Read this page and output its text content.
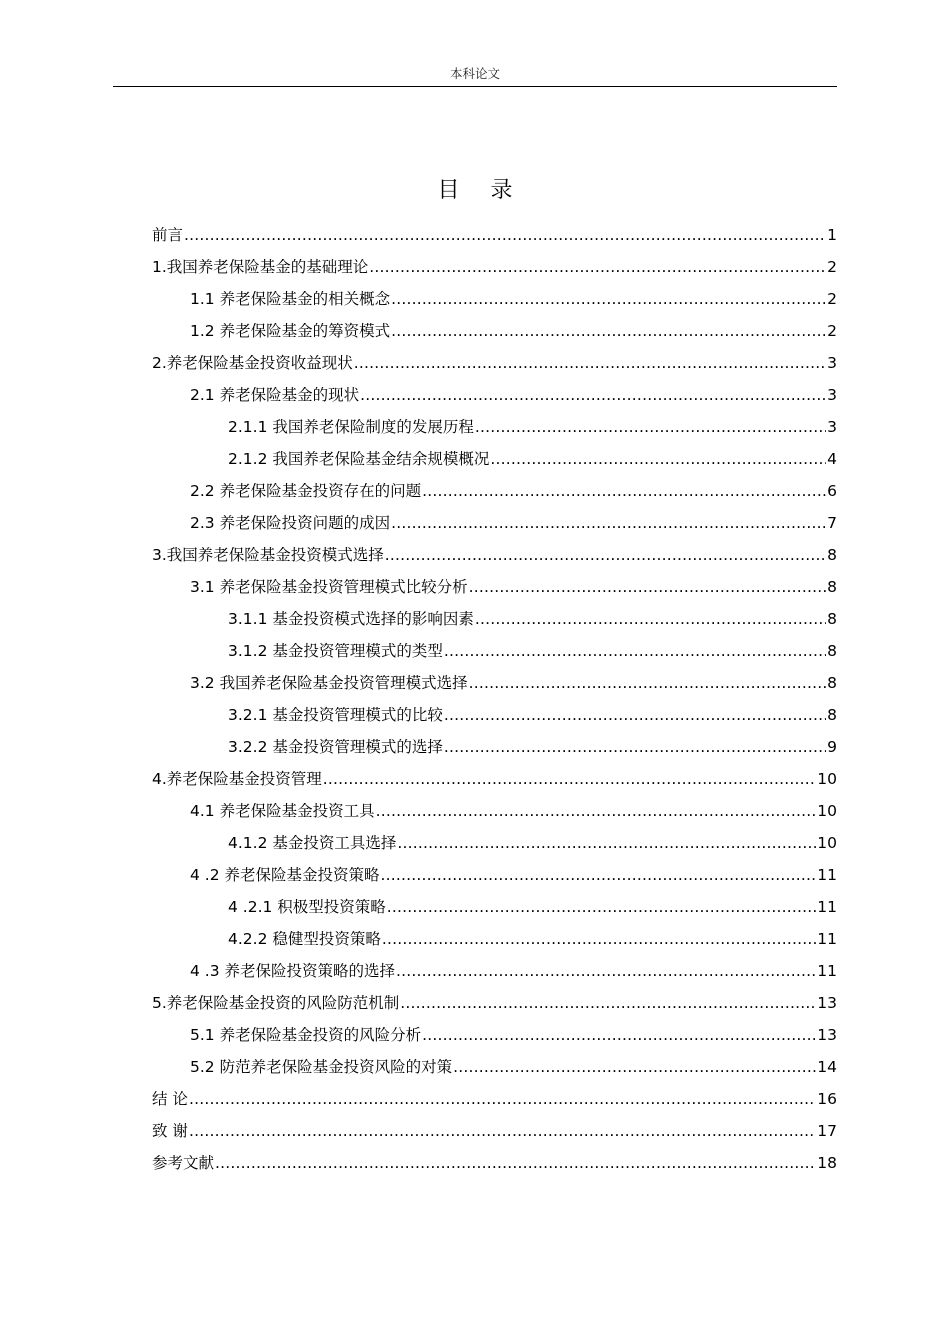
本科论文
目 录
前言 .....	1
1.我国养老保险基金的基础理论 .....	2
1.1 养老保险基金的相关概念 .....	2
1.2 养老保险基金的筹资模式 .....	2
2.养老保险基金投资收益现状 .....	3
2.1 养老保险基金的现状 .....	3
2.1.1 我国养老保险制度的发展历程 .....	3
2.1.2 我国养老保险基金结余规模概况 .....	4
2.2 养老保险基金投资存在的问题 .....	6
2.3 养老保险投资问题的成因 .....	7
3.我国养老保险基金投资模式选择 .....	8
3.1 养老保险基金投资管理模式比较分析 .....	8
3.1.1 基金投资模式选择的影响因素 .....	8
3.1.2 基金投资管理模式的类型 .....	8
3.2 我国养老保险基金投资管理模式选择 .....	8
3.2.1 基金投资管理模式的比较 .....	8
3.2.2 基金投资管理模式的选择 .....	9
4.养老保险基金投资管理 .....	10
4.1 养老保险基金投资工具 .....	10
4.1.2 基金投资工具选择 .....	10
4 .2 养老保险基金投资策略 .....	11
4 .2.1 积极型投资策略 .....	11
4.2.2 稳健型投资策略 .....	11
4 .3 养老保险投资策略的选择 .....	11
5.养老保险基金投资的风险防范机制 .....	13
5.1 养老保险基金投资的风险分析 .....	13
5.2 防范养老保险基金投资风险的对策 .....	14
结 论 .....	16
致 谢 .....	17
参考文献 .....	18
